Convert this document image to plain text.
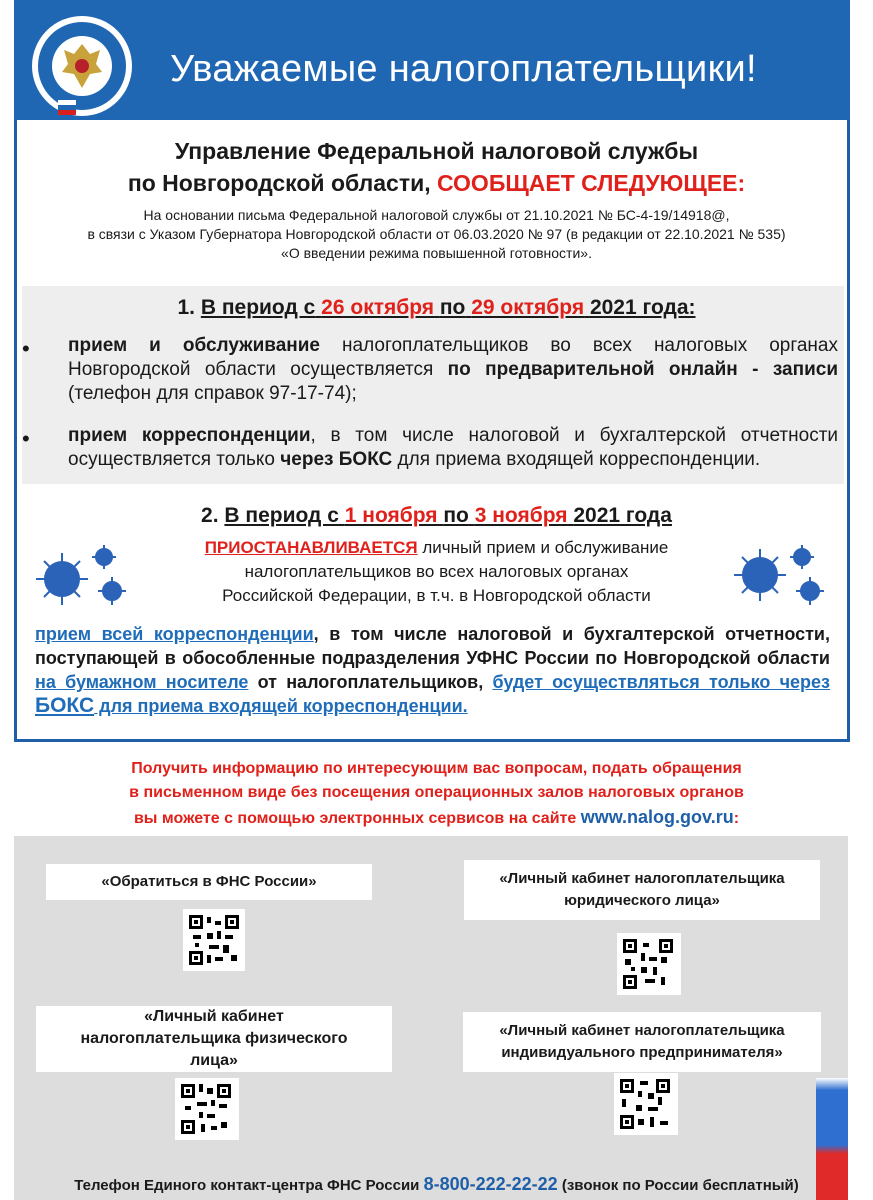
Уважаемые налогоплательщики!
Управление Федеральной налоговой службы
по Новгородской области, СООБЩАЕТ СЛЕДУЮЩЕЕ:
На основании письма Федеральной налоговой службы от 21.10.2021 № БС-4-19/14918@,
в связи с Указом Губернатора Новгородской области от 06.03.2020 № 97 (в редакции от 22.10.2021 № 535)
«О введении режима повышенной готовности».
1. В период с 26 октября по 29 октября 2021 года:
•	прием и обслуживание налогоплательщиков во всех налоговых органах Новгородской области осуществляется по предварительной онлайн - записи (телефон для справок 97-17-74);
•	прием корреспонденции, в том числе налоговой и бухгалтерской отчетности осуществляется только через БОКС для приема входящей корреспонденции.
2. В период с 1 ноября по 3 ноября 2021 года
ПРИОСТАНАВЛИВАЕТСЯ личный прием и обслуживание
налогоплательщиков во всех налоговых органах
Российской Федерации, в т.ч. в Новгородской области
прием всей корреспонденции, в том числе налоговой и бухгалтерской отчетности, поступающей в обособленные подразделения УФНС России по Новгородской области на бумажном носителе от налогоплательщиков, будет осуществляться только через БОКС для приема входящей корреспонденции.
Получить информацию по интересующим вас вопросам, подать обращения
в письменном виде без посещения операционных залов налоговых органов
вы можете с помощью электронных сервисов на сайте www.nalog.gov.ru:
«Обратиться в ФНС России»	«Личный кабинет налогоплательщика юридического лица»
«Личный кабинет налогоплательщика физического лица»
«Личный кабинет налогоплательщика индивидуального предпринимателя»
Телефон Единого контакт-центра ФНС России 8-800-222-22-22 (звонок по России бесплатный)
